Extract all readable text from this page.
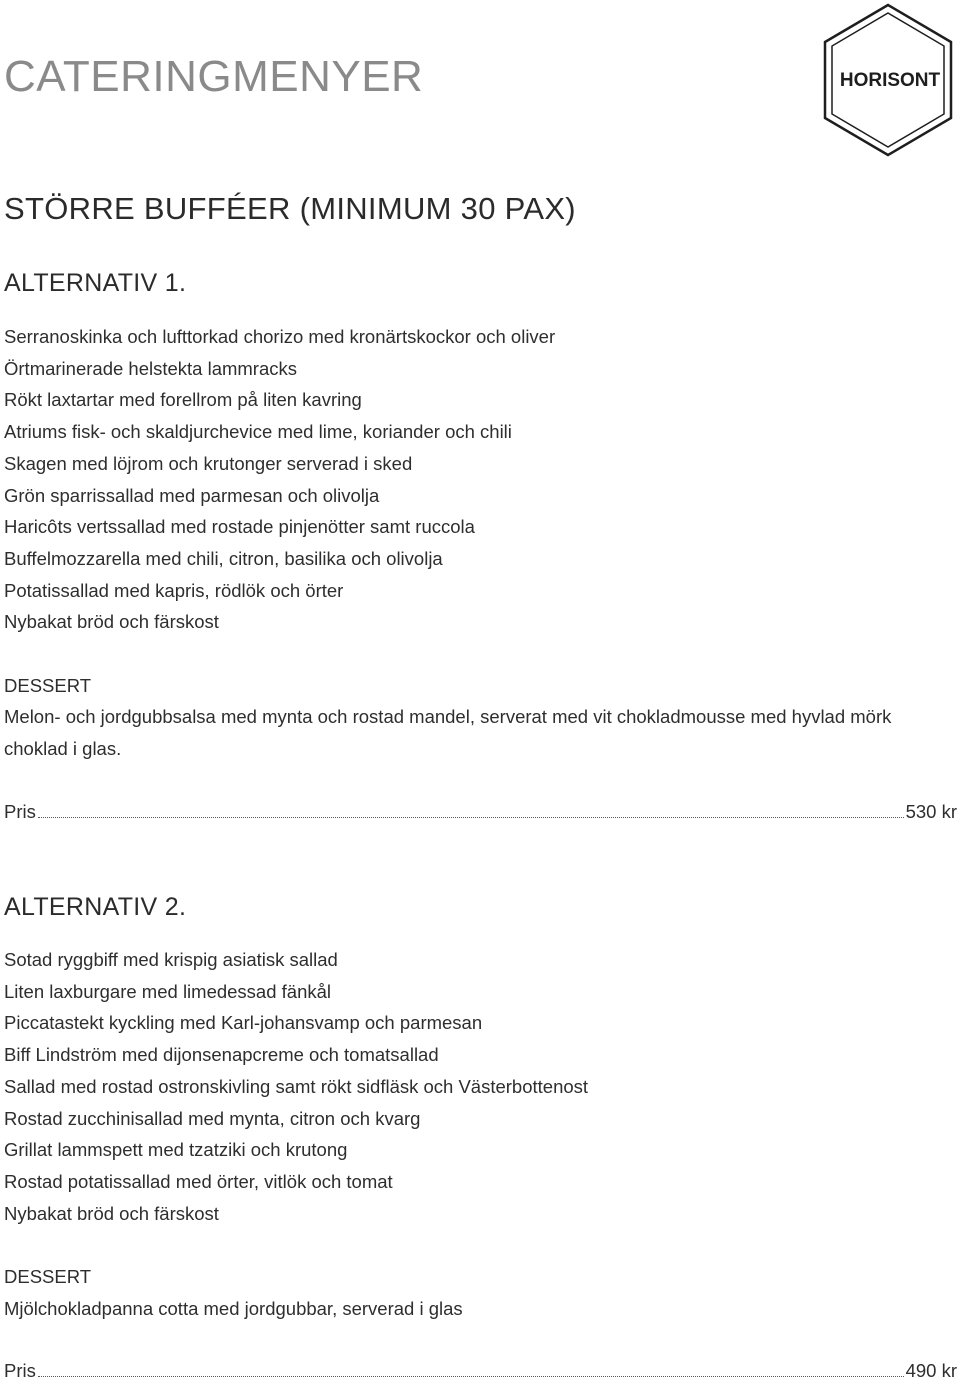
CATERINGMENYER	HORISONT
STÖRRE BUFFÉER (MINIMUM 30 PAX)
ALTERNATIV 1.
Serranoskinka och lufttorkad chorizo med kronärtskockor och oliver
Örtmarinerade helstekta lammracks
Rökt laxtartar med forellrom på liten kavring
Atriums fisk- och skaldjurchevice med lime, koriander och chili
Skagen med löjrom och krutonger serverad i sked
Grön sparrissallad med parmesan och olivolja
Haricôts vertssallad med rostade pinjenötter samt ruccola
Buffelmozzarella med chili, citron, basilika och olivolja
Potatissallad med kapris, rödlök och örter
Nybakat bröd och färskost
DESSERT
Melon- och jordgubbsalsa med mynta och rostad mandel, serverat med vit chokladmousse med hyvlad mörk choklad i glas.
Pris	530 kr
ALTERNATIV 2.
Sotad ryggbiff med krispig asiatisk sallad
Liten laxburgare med limedessad fänkål
Piccatastekt kyckling med Karl-johansvamp och parmesan
Biff Lindström med dijonsenapcreme och tomatsallad
Sallad med rostad ostronskivling samt rökt sidfläsk och Västerbottenost
Rostad zucchinisallad med mynta, citron och kvarg
Grillat lammspett med tzatziki och krutong
Rostad potatissallad med örter, vitlök och tomat
Nybakat bröd och färskost
DESSERT
Mjölchokladpanna cotta med jordgubbar, serverad i glas
Pris	490 kr
